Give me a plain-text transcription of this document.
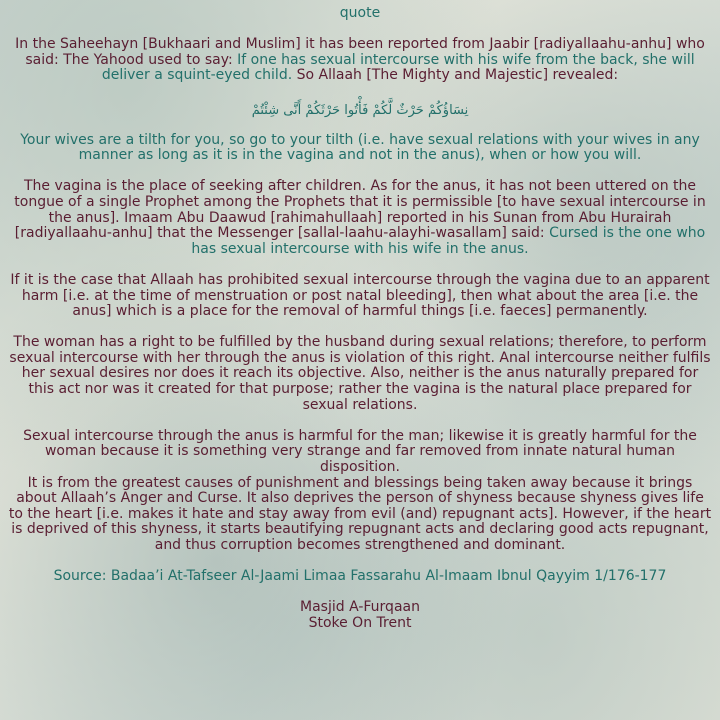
quote
In the Saheehayn [Bukhaari and Muslim] it has been reported from Jaabir [radiyallaahu-anhu] who said: The Yahood used to say: If one has sexual intercourse with his wife from the back, she will deliver a squint-eyed child. So Allaah [The Mighty and Majestic] revealed:
نِسَاؤُكُمْ حَرْثٌ لَّكُمْ فَأْتُوا حَرْثَكُمْ أَنَّى شِئْتُمْ
Your wives are a tilth for you, so go to your tilth (i.e. have sexual relations with your wives in any manner as long as it is in the vagina and not in the anus), when or how you will.
The vagina is the place of seeking after children. As for the anus, it has not been uttered on the tongue of a single Prophet among the Prophets that it is permissible [to have sexual intercourse in the anus]. Imaam Abu Daawud [rahimahullaah] reported in his Sunan from Abu Hurairah [radiyallaahu-anhu] that the Messenger [sallal-laahu-alayhi-wasallam] said: Cursed is the one who has sexual intercourse with his wife in the anus.
If it is the case that Allaah has prohibited sexual intercourse through the vagina due to an apparent harm [i.e. at the time of menstruation or post natal bleeding], then what about the area [i.e. the anus] which is a place for the removal of harmful things [i.e. faeces] permanently.
The woman has a right to be fulfilled by the husband during sexual relations; therefore, to perform sexual intercourse with her through the anus is violation of this right. Anal intercourse neither fulfils her sexual desires nor does it reach its objective. Also, neither is the anus naturally prepared for this act nor was it created for that purpose; rather the vagina is the natural place prepared for sexual relations.
Sexual intercourse through the anus is harmful for the man; likewise it is greatly harmful for the woman because it is something very strange and far removed from innate natural human disposition.
It is from the greatest causes of punishment and blessings being taken away because it brings about Allaah’s Anger and Curse. It also deprives the person of shyness because shyness gives life to the heart [i.e. makes it hate and stay away from evil (and) repugnant acts]. However, if the heart is deprived of this shyness, it starts beautifying repugnant acts and declaring good acts repugnant, and thus corruption becomes strengthened and dominant.
Source: Badaa’i At-Tafseer Al-Jaami Limaa Fassarahu Al-Imaam Ibnul Qayyim 1/176-177
Masjid A-Furqaan
Stoke On Trent
